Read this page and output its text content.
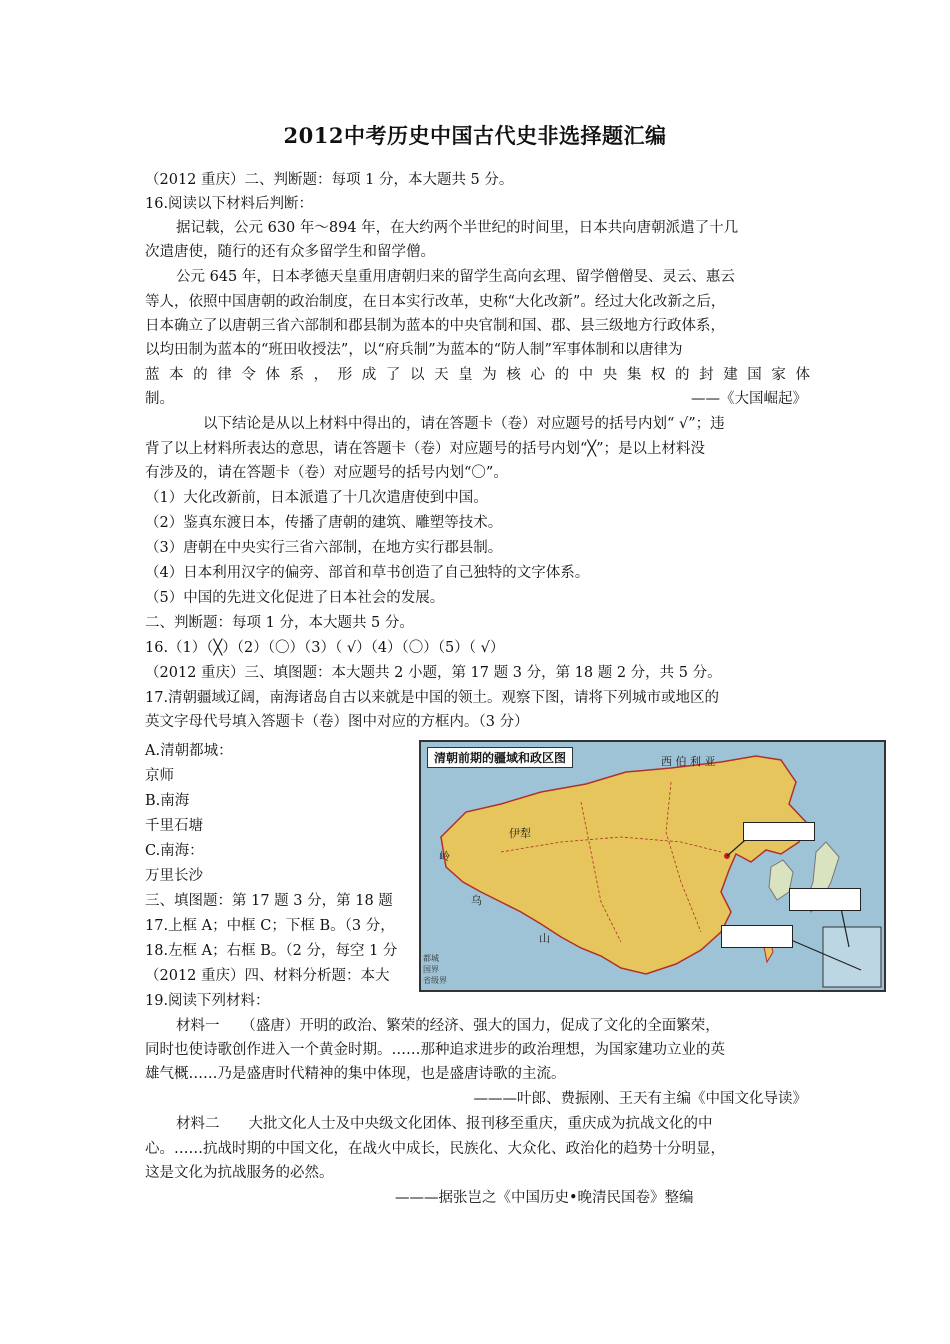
2012中考历史中国古代史非选择题汇编
（2012 重庆）二、判断题：每项 1 分，本大题共 5 分。
16.阅读以下材料后判断：
据记载，公元 630 年～894 年，在大约两个半世纪的时间里，日本共向唐朝派遣了十几
次遣唐使，随行的还有众多留学生和留学僧。
公元 645 年，日本孝德天皇重用唐朝归来的留学生高向玄理、留学僧僧旻、灵云、惠云
等人，依照中国唐朝的政治制度，在日本实行改革，史称“大化改新”。经过大化改新之后，
日本确立了以唐朝三省六部制和郡县制为蓝本的中央官制和国、郡、县三级地方行政体系，
以均田制为蓝本的“班田收授法”，以“府兵制”为蓝本的“防人制”军事体制和以唐律为
蓝 本 的 律 令 体 系 ， 形 成 了 以 天 皇 为 核 心 的 中 央 集 权 的 封 建 国 家 体
制。	——《大国崛起》
以下结论是从以上材料中得出的，请在答题卡（卷）对应题号的括号内划“ √”；违
背了以上材料所表达的意思，请在答题卡（卷）对应题号的括号内划“╳”；是以上材料没
有涉及的，请在答题卡（卷）对应题号的括号内划“〇”。
（1）大化改新前，日本派遣了十几次遣唐使到中国。
（2）鉴真东渡日本，传播了唐朝的建筑、雕塑等技术。
（3）唐朝在中央实行三省六部制，在地方实行郡县制。
（4）日本利用汉字的偏旁、部首和草书创造了自己独特的文字体系。
（5）中国的先进文化促进了日本社会的发展。
二、判断题：每项 1 分，本大题共 5 分。
16.（1）（╳）（2）（〇）（3）（ √）（4）（〇）（5）（ √）
（2012 重庆）三、填图题：本大题共 2 小题，第 17 题 3 分，第 18 题 2 分，共 5 分。
17.清朝疆域辽阔，南海诸岛自古以来就是中国的领土。观察下图，请将下列城市或地区的
英文字母代号填入答题卡（卷）图中对应的方框内。（3 分）
A.清朝都城：
京师
B.南海
千里石塘
C.南海：
万里长沙
三、填图题：第 17 题 3 分，第 18 题
17.上框 A；中框 C；下框 B。（3 分，
18.左框 A；右框 B。（2 分，每空 1 分
（2012 重庆）四、材料分析题：本大
19.阅读下列材料：
清朝前期的疆域和政区图	西 伯 利 亚
伊犁
岭
乌
山
都城
国界
省级界
材料一　　（盛唐）开明的政治、繁荣的经济、强大的国力，促成了文化的全面繁荣，
同时也使诗歌创作进入一个黄金时期。……那种追求进步的政治理想，为国家建功立业的英
雄气概……乃是盛唐时代精神的集中体现，也是盛唐诗歌的主流。
———叶郎、费振刚、王天有主编《中国文化导读》
材料二　　大批文化人士及中央级文化团体、报刊移至重庆，重庆成为抗战文化的中
心。……抗战时期的中国文化，在战火中成长，民族化、大众化、政治化的趋势十分明显，
这是文化为抗战服务的必然。
———据张岂之《中国历史•晚清民国卷》整编
